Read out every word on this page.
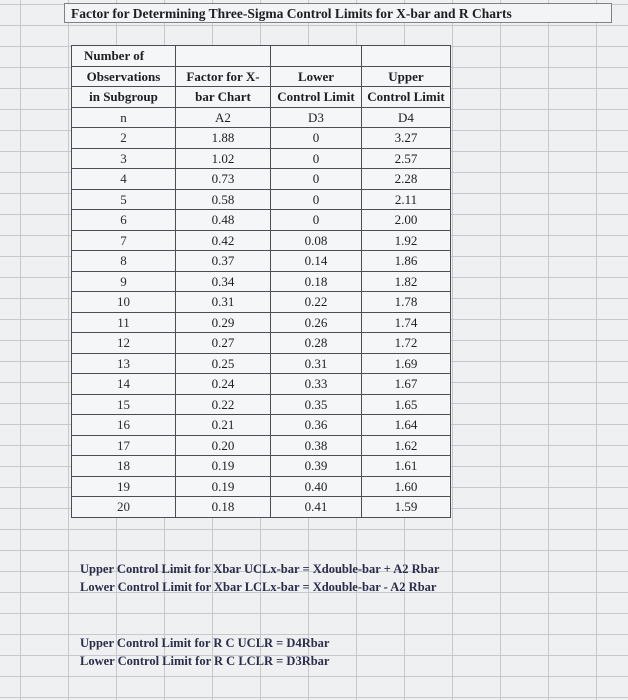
Factor for Determining Three-Sigma Control Limits for X-bar and R Charts
Number of			
Observations	Factor for X-	Lower	Upper
in Subgroup	bar Chart	Control Limit	Control Limit
n	A2	D3	D4
2	1.88	0	3.27
3	1.02	0	2.57
4	0.73	0	2.28
5	0.58	0	2.11
6	0.48	0	2.00
7	0.42	0.08	1.92
8	0.37	0.14	1.86
9	0.34	0.18	1.82
10	0.31	0.22	1.78
11	0.29	0.26	1.74
12	0.27	0.28	1.72
13	0.25	0.31	1.69
14	0.24	0.33	1.67
15	0.22	0.35	1.65
16	0.21	0.36	1.64
17	0.20	0.38	1.62
18	0.19	0.39	1.61
19	0.19	0.40	1.60
20	0.18	0.41	1.59
Upper Control Limit for Xbar UCLx-bar = Xdouble-bar + A2 Rbar
Lower Control Limit for Xbar LCLx-bar = Xdouble-bar - A2 Rbar
Upper Control Limit for R C UCLR = D4Rbar
Lower Control Limit for R C LCLR = D3Rbar
